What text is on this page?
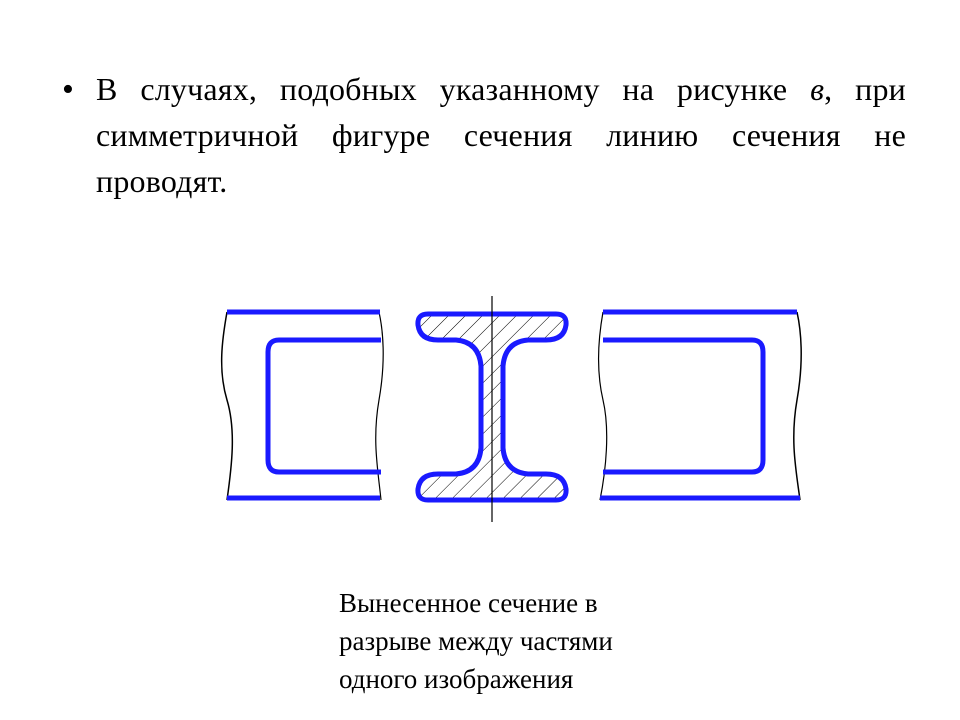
• В случаях, подобных указанному на рисунке в, при симметричной фигуре сечения линию сечения не проводят.
Вынесенное сечение в
разрыве между частями
одного изображения
